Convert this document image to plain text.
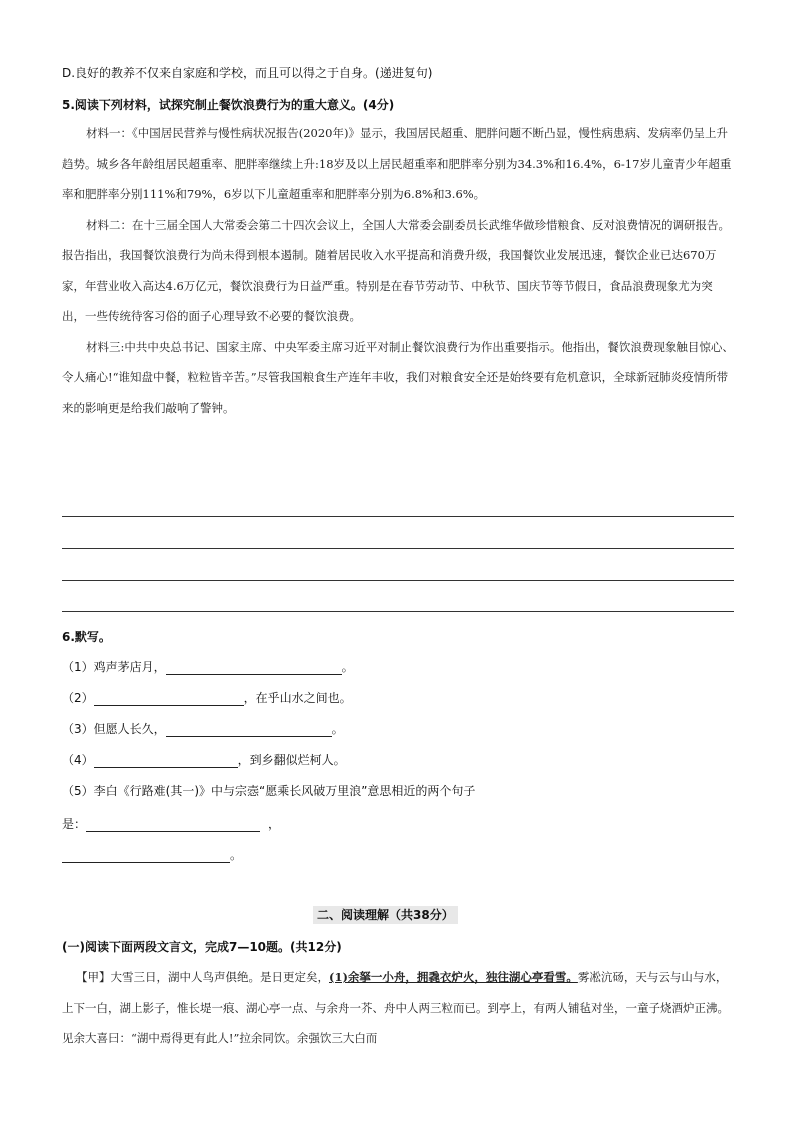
D.良好的教养不仅来自家庭和学校，而且可以得之于自身。(递进复句)
5.阅读下列材料，试探究制止餐饮浪费行为的重大意义。(4分)

材料一：《中国居民营养与慢性病状况报告(2020年)》显示，我国居民超重、肥胖问题不断凸显，慢性病患病、发病率仍呈上升趋势。城乡各年龄组居民超重率、肥胖率继续上升:18岁及以上居民超重率和肥胖率分别为34.3%和16.4%，6-17岁儿童青少年超重率和肥胖率分别111%和79%，6岁以下儿童超重率和肥胖率分别为6.8%和3.6%。

材料二：在十三届全国人大常委会第二十四次会议上，全国人大常委会副委员长武维华做珍惜粮食、反对浪费情况的调研报告。报告指出，我国餐饮浪费行为尚未得到根本遏制。随着居民收入水平提高和消费升级，我国餐饮业发展迅速，餐饮企业已达670万家，年营业收入高达4.6万亿元，餐饮浪费行为日益严重。特别是在春节劳动节、中秋节、国庆节等节假日，食品浪费现象尤为突出，一些传统待客习俗的面子心理导致不必要的餐饮浪费。

材料三:中共中央总书记、国家主席、中央军委主席习近平对制止餐饮浪费行为作出重要指示。他指出，餐饮浪费现象触目惊心、令人痛心!“谁知盘中餐，粒粒皆辛苦。”尽管我国粮食生产连年丰收，我们对粮食安全还是始终要有危机意识，全球新冠肺炎疫情所带来的影响更是给我们敲响了警钟。

6.默写。
（1）鸡声茅店月，	。
（2）	，在乎山水之间也。
（3）但愿人长久，	。
（4）	，到乡翻似烂柯人。
（5）李白《行路难(其一)》中与宗悫“愿乘长风破万里浪”意思相近的两个句子
是：	，
。
二、阅读理解（共38分）
(一)阅读下面两段文言文，完成7—10题。(共12分)

【甲】大雪三日，湖中人鸟声俱绝。是日更定矣，(1)余拏一小舟，拥毳衣炉火，独往湖心亭看雪。雾凇沆砀，天与云与山与水，上下一白，湖上影子，惟长堤一痕、湖心亭一点、与余舟一芥、舟中人两三粒而已。到亭上，有两人铺毡对坐，一童子烧酒炉正沸。见余大喜曰：“湖中焉得更有此人!”拉余同饮。余强饮三大白而
